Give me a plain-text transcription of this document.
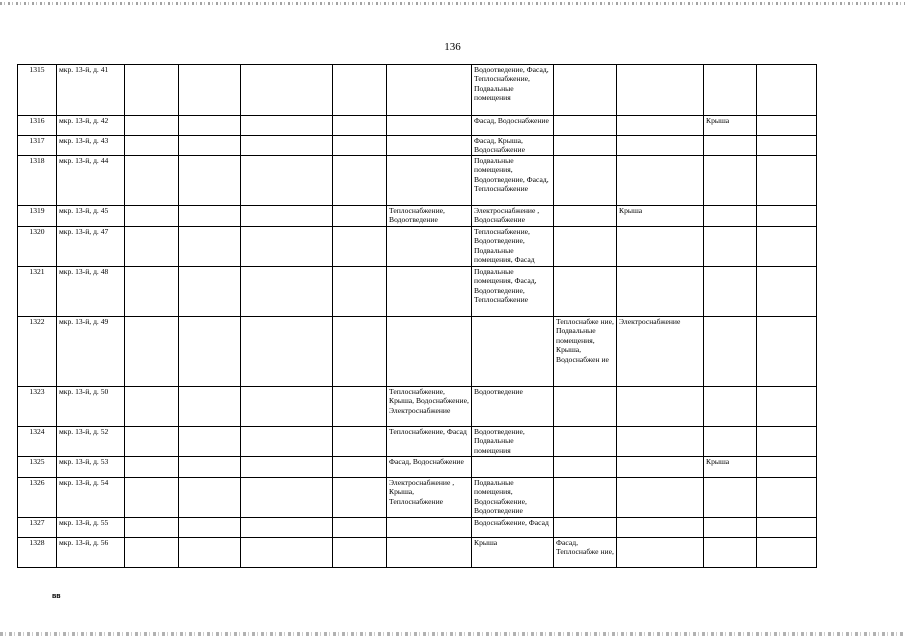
136
1315	мкр. 13-й, д. 41						Водоотведение, Фасад, Теплоснабжение, Подвальные помещения				
1316	мкр. 13-й, д. 42						Фасад, Водоснабжение			Крыша	
1317	мкр. 13-й, д. 43						Фасад, Крыша, Водоснабжение				
1318	мкр. 13-й, д. 44						Подвальные помещения, Водоотведение, Фасад, Теплоснабжение				
1319	мкр. 13-й, д. 45					Теплоснабжение, Водоотведение	Электроснабжение , Водоснабжение		Крыша		
1320	мкр. 13-й, д. 47						Теплоснабжение, Водоотведение, Подвальные помещения, Фасад				
1321	мкр. 13-й, д. 48						Подвальные помещения, Фасад, Водоотведение, Теплоснабжение				
1322	мкр. 13-й, д. 49							Теплоснабже ние, Подвальные помещения, Крыша, Водоснабжен ие	Электроснабжение		
1323	мкр. 13-й, д. 50					Теплоснабжение, Крыша, Водоснабжение, Электроснабжение	Водоотведение				
1324	мкр. 13-й, д. 52					Теплоснабжение, Фасад	Водоотведение, Подвальные помещения				
1325	мкр. 13-й, д. 53					Фасад, Водоснабжение				Крыша	
1326	мкр. 13-й, д. 54					Электроснабжение , Крыша, Теплоснабжение	Подвальные помещения, Водоснабжение, Водоотведение				
1327	мкр. 13-й, д. 55						Водоснабжение, Фасад				
1328	мкр. 13-й, д. 56						Крыша	Фасад, Теплоснабже ние,			
вв
